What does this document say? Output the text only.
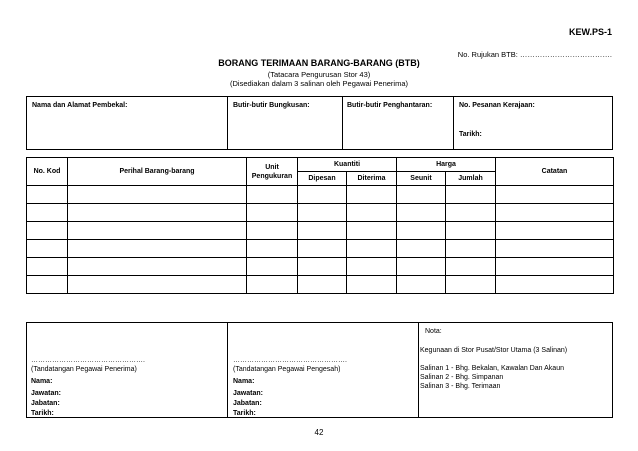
KEW.PS-1
No. Rujukan BTB: ……………………………….
BORANG TERIMAAN BARANG-BARANG (BTB)
(Tatacara Pengurusan Stor 43)
(Disediakan dalam 3 salinan oleh Pegawai Penerima)
Nama dan Alamat Pembekal:	Butir-butir Bungkusan:	Butir-butir Penghantaran:	No. Pesanan Kerajaan:
Tarikh:
No. Kod	Perihal Barang-barang	Unit Pengukuran	Kuantiti		Harga		Catatan
			Dipesan	Diterima	Seunit	Jumlah	

………………………………………….
(Tandatangan Pegawai Penerima)
Nama:
Jawatan:
Jabatan:
Tarikh:
………………………………………….
(Tandatangan Pegawai Pengesah)
Nama:
Jawatan:
Jabatan:
Tarikh:
Nota:
Kegunaan di Stor Pusat/Stor Utama (3 Salinan)
Salinan 1 - Bhg. Bekalan, Kawalan Dan Akaun
Salinan 2 - Bhg. Simpanan
Salinan 3 - Bhg. Terimaan
42
